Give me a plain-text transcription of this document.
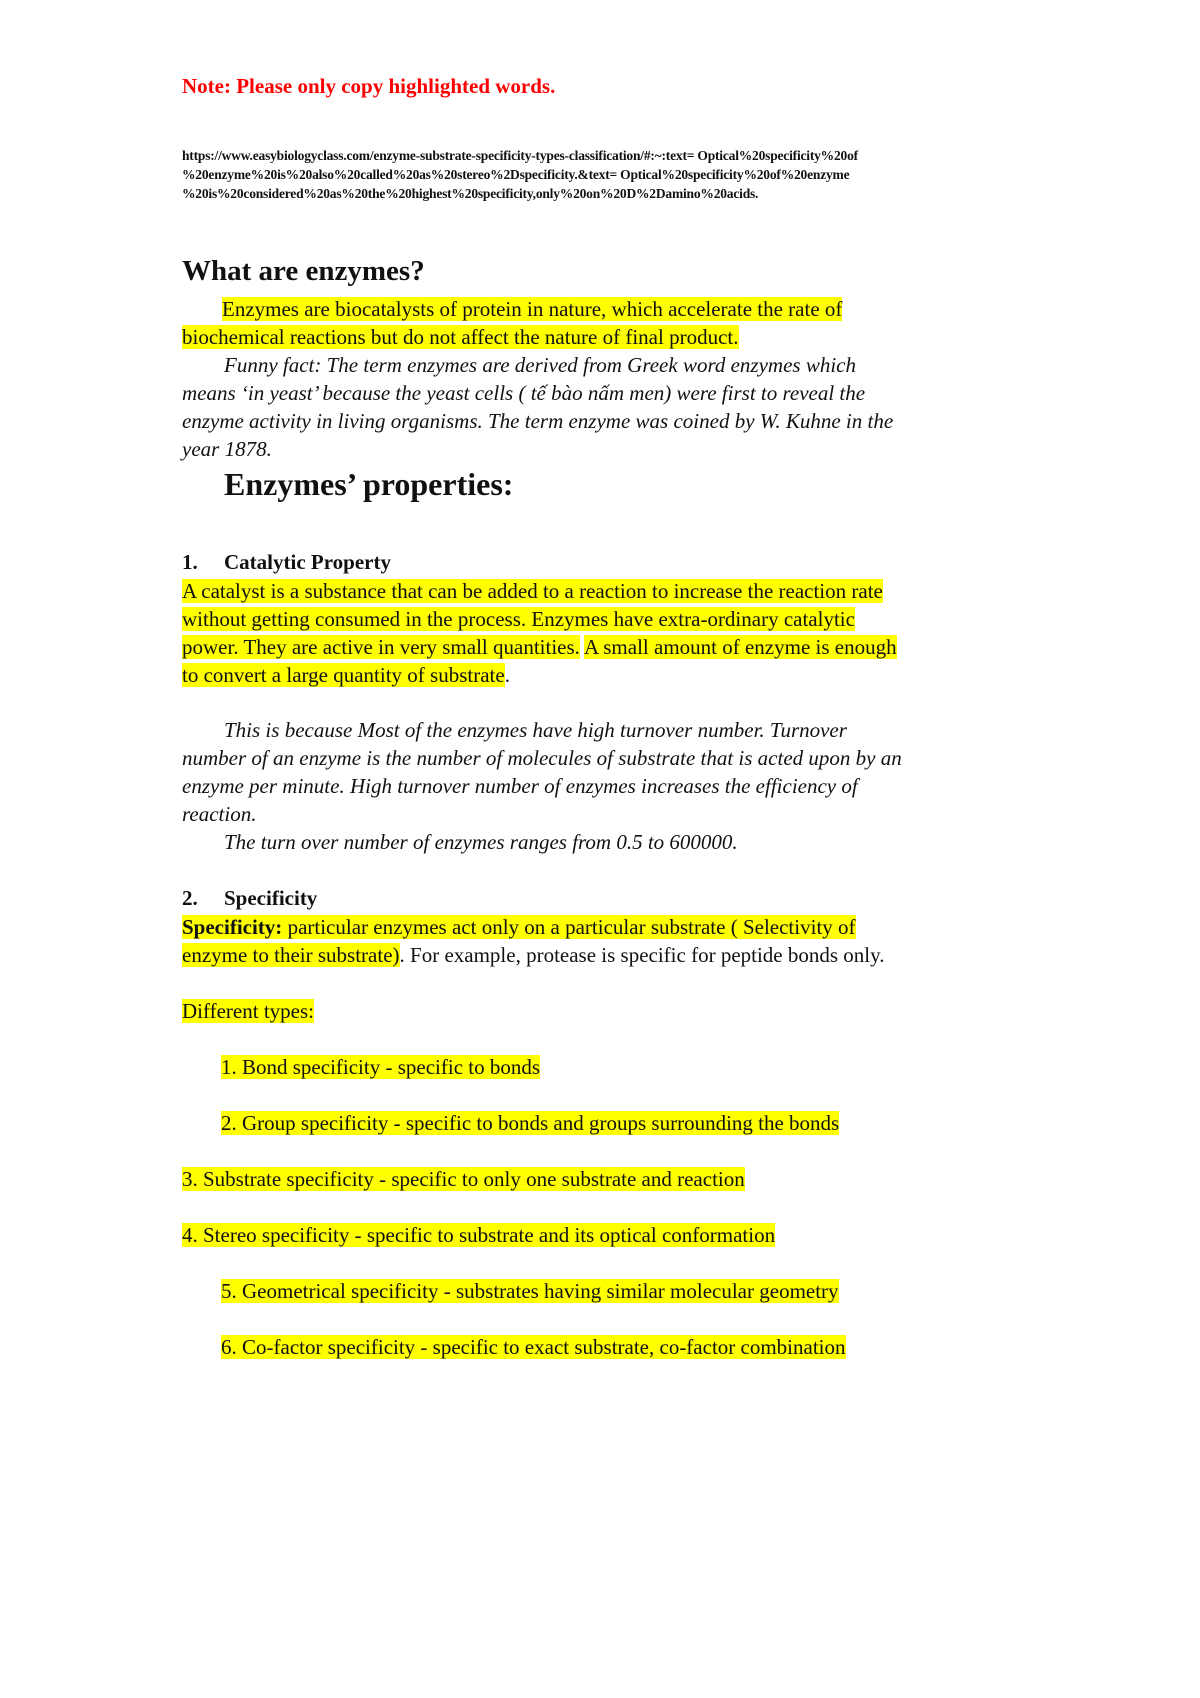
Note: Please only copy highlighted words.
https://www.easybiologyclass.com/enzyme-substrate-specificity-types-classification/#:~:text= Optical%20specificity%20of
%20enzyme%20is%20also%20called%20as%20stereo%2Dspecificity.&text= Optical%20specificity%20of%20enzyme
%20is%20considered%20as%20the%20highest%20specificity,only%20on%20D%2Damino%20acids.
What are enzymes?
Enzymes are biocatalysts of protein in nature, which accelerate the rate of
biochemical reactions but do not affect the nature of final product.
Funny fact: The term enzymes are derived from Greek word enzymes which
means ‘in yeast’ because the yeast cells ( tế bào nấm men) were first to reveal the
enzyme activity in living organisms. The term enzyme was coined by W. Kuhne in the
year 1878.
Enzymes’ properties:
1. Catalytic Property
A catalyst is a substance that can be added to a reaction to increase the reaction rate
without getting consumed in the process. Enzymes have extra-ordinary catalytic
power. They are active in very small quantities. A small amount of enzyme is enough
to convert a large quantity of substrate.
This is because Most of the enzymes have high turnover number. Turnover
number of an enzyme is the number of molecules of substrate that is acted upon by an
enzyme per minute. High turnover number of enzymes increases the efficiency of
reaction.
The turn over number of enzymes ranges from 0.5 to 600000.
2. Specificity
Specificity: particular enzymes act only on a particular substrate ( Selectivity of
enzyme to their substrate). For example, protease is specific for peptide bonds only.
Different types:
1. Bond specificity - specific to bonds
2. Group specificity - specific to bonds and groups surrounding the bonds
3. Substrate specificity - specific to only one substrate and reaction
4. Stereo specificity - specific to substrate and its optical conformation
5. Geometrical specificity - substrates having similar molecular geometry
6. Co-factor specificity - specific to exact substrate, co-factor combination
